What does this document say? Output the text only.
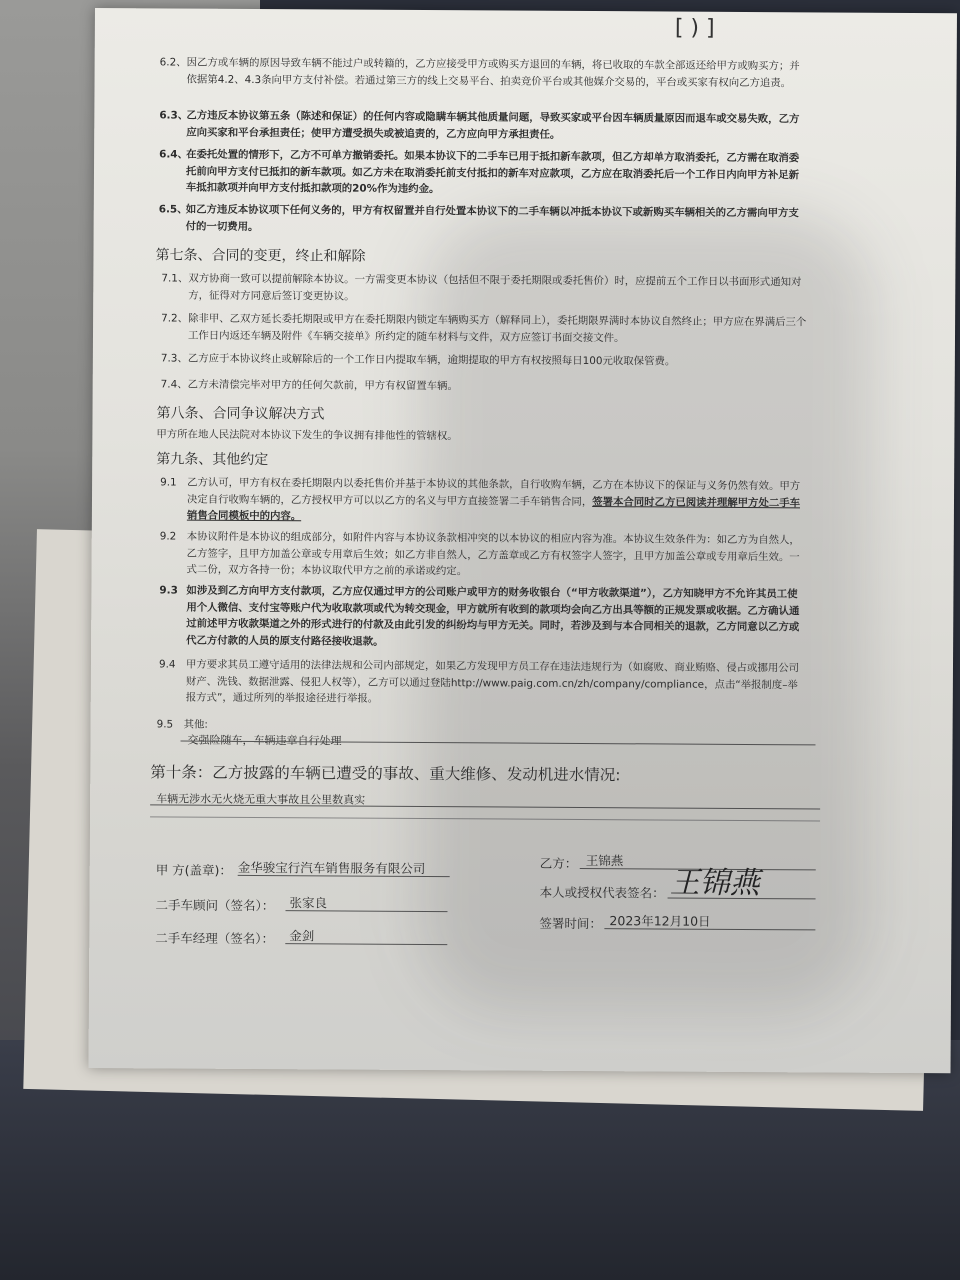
[ ) ]
6.2、 因乙方或车辆的原因导致车辆不能过户或转籍的，乙方应接受甲方或购买方退回的车辆，将已收取的车款全部返还给甲方或购买方；并依据第4.2、4.3条向甲方支付补偿。若通过第三方的线上交易平台、拍卖竞价平台或其他媒介交易的，平台或买家有权向乙方追责。
6.3、
乙方违反本协议第五条（陈述和保证）的任何内容或隐瞒车辆其他质量问题，导致买家或平台因车辆质量原因而退车或交易失败，乙方应向买家和平台承担责任；使甲方遭受损失或被追责的，乙方应向甲方承担责任。
6.4、
在委托处置的情形下，乙方不可单方撤销委托。如果本协议下的二手车已用于抵扣新车款项，但乙方却单方取消委托，乙方需在取消委托前向甲方支付已抵扣的新车款项。如乙方未在取消委托前支付抵扣的新车对应款项，乙方应在取消委托后一个工作日内向甲方补足新车抵扣款项并向甲方支付抵扣款项的20%作为违约金。
6.5、
如乙方违反本协议项下任何义务的，甲方有权留置并自行处置本协议下的二手车辆以冲抵本协议下或新购买车辆相关的乙方需向甲方支付的一切费用。
第七条、合同的变更，终止和解除
7.1、 双方协商一致可以提前解除本协议。一方需变更本协议（包括但不限于委托期限或委托售价）时，应提前五个工作日以书面形式通知对方，征得对方同意后签订变更协议。
7.2、 除非甲、乙双方延长委托期限或甲方在委托期限内锁定车辆购买方（解释同上），委托期限界满时本协议自然终止；甲方应在界满后三个工作日内返还车辆及附件《车辆交接单》所约定的随车材料与文件，双方应签订书面交接文件。
7.3、 乙方应于本协议终止或解除后的一个工作日内提取车辆，逾期提取的甲方有权按照每日100元收取保管费。
7.4、 乙方未清偿完毕对甲方的任何欠款前，甲方有权留置车辆。
第八条、合同争议解决方式
甲方所在地人民法院对本协议下发生的争议拥有排他性的管辖权。
第九条、其他约定
9.1 乙方认可，甲方有权在委托期限内以委托售价并基于本协议的其他条款，自行收购车辆，乙方在本协议下的保证与义务仍然有效。甲方决定自行收购车辆的，乙方授权甲方可以以乙方的名义与甲方直接签署二手车销售合同，签署本合同时乙方已阅读并理解甲方处二手车销售合同模板中的内容。
9.2 本协议附件是本协议的组成部分，如附件内容与本协议条款相冲突的以本协议的相应内容为准。本协议生效条件为：如乙方为自然人，乙方签字，且甲方加盖公章或专用章后生效；如乙方非自然人，乙方盖章或乙方有权签字人签字，且甲方加盖公章或专用章后生效。一式二份，双方各持一份；本协议取代甲方之前的承诺或约定。
9.3 如涉及到乙方向甲方支付款项，乙方应仅通过甲方的公司账户或甲方的财务收银台（“甲方收款渠道”），乙方知晓甲方不允许其员工使用个人微信、支付宝等账户代为收取款项或代为转交现金，甲方就所有收到的款项均会向乙方出具等额的正规发票或收据。乙方确认通过前述甲方收款渠道之外的形式进行的付款及由此引发的纠纷均与甲方无关。同时，若涉及到与本合同相关的退款，乙方同意以乙方或代乙方付款的人员的原支付路径接收退款。
9.4 甲方要求其员工遵守适用的法律法规和公司内部规定，如果乙方发现甲方员工存在违法违规行为（如腐败、商业贿赂、侵占或挪用公司财产、洗钱、数据泄露、侵犯人权等），乙方可以通过登陆http://www.paig.com.cn/zh/company/compliance，点击“举报制度–举报方式”，通过所列的举报途径进行举报。
9.5 其他:
交强险随车，车辆违章自行处理
第十条：乙方披露的车辆已遭受的事故、重大维修、发动机进水情况:
车辆无涉水无火烧无重大事故且公里数真实
甲 方(盖章)： 金华骏宝行汽车销售服务有限公司
二手车顾问（签名）： 张家良
二手车经理（签名）： 金剑
乙方： 王锦燕
本人或授权代表签名： 王锦燕
签署时间： 2023年12月10日
